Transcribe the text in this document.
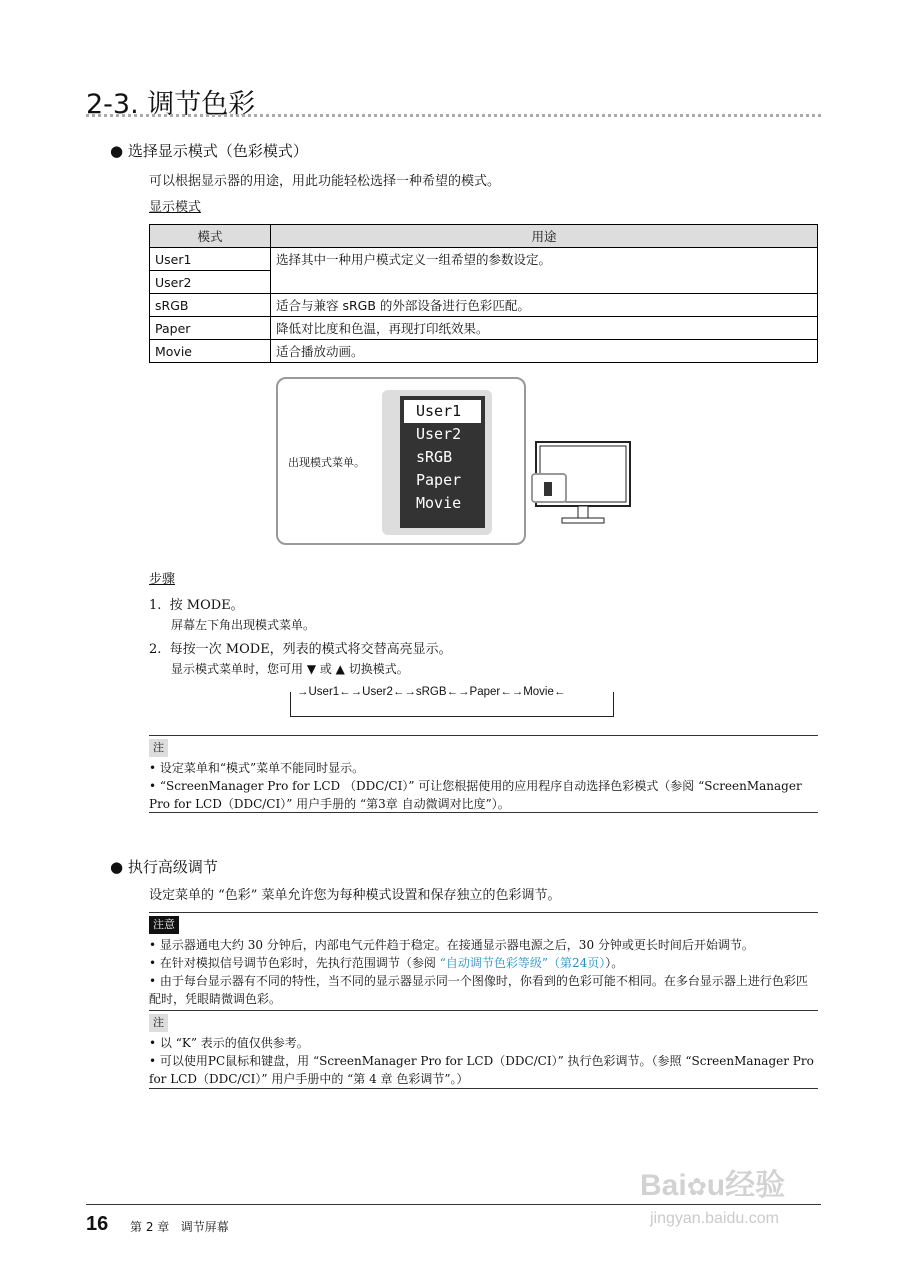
2-3. 调节色彩
● 选择显示模式（色彩模式）
可以根据显示器的用途，用此功能轻松选择一种希望的模式。
显示模式
模式	用途
User1	选择其中一种用户模式定义一组希望的参数设定。
User2	
sRGB	适合与兼容 sRGB 的外部设备进行色彩匹配。
Paper	降低对比度和色温，再现打印纸效果。
Movie	适合播放动画。
出现模式菜单。
User1
User2
sRGB
Paper
Movie
步骤
1. 按 MODE。
屏幕左下角出现模式菜单。
2. 每按一次 MODE，列表的模式将交替高亮显示。
显示模式菜单时，您可用 ▼ 或 ▲ 切换模式。
→User1←→User2←→sRGB←→Paper←→Movie←
注
• 设定菜单和“模式”菜单不能同时显示。
• “ScreenManager Pro for LCD （DDC/CI）” 可让您根据使用的应用程序自动选择色彩模式（参阅 “ScreenManager Pro for LCD（DDC/CI）” 用户手册的 “第3章 自动微调对比度”）。
● 执行高级调节
设定菜单的 “色彩” 菜单允许您为每种模式设置和保存独立的色彩调节。
注意
• 显示器通电大约 30 分钟后，内部电气元件趋于稳定。在接通显示器电源之后，30 分钟或更长时间后开始调节。
• 在针对模拟信号调节色彩时，先执行范围调节（参阅 “自动调节色彩等级”（第24页））。
• 由于每台显示器有不同的特性，当不同的显示器显示同一个图像时，你看到的色彩可能不相同。在多台显示器上进行色彩匹配时，凭眼睛微调色彩。
注
• 以 “K” 表示的值仅供参考。
• 可以使用PC鼠标和键盘，用 “ScreenManager Pro for LCD（DDC/CI）” 执行色彩调节。（参照 “ScreenManager Pro for LCD（DDC/CI）” 用户手册中的 “第 4 章 色彩调节”。）
16 第 2 章 调节屏幕
Bai✿u经验
jingyan.baidu.com
